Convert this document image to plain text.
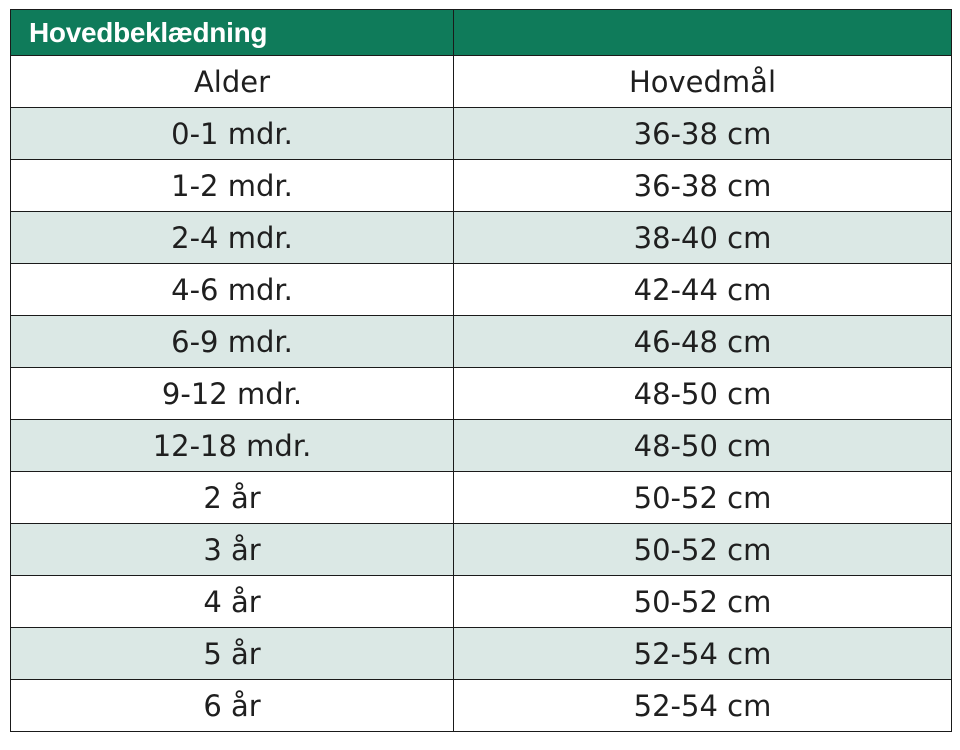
Hovedbeklædning	
Alder	Hovedmål
0-1 mdr.	36-38 cm
1-2 mdr.	36-38 cm
2-4 mdr.	38-40 cm
4-6 mdr.	42-44 cm
6-9 mdr.	46-48 cm
9-12 mdr.	48-50 cm
12-18 mdr.	48-50 cm
2 år	50-52 cm
3 år	50-52 cm
4 år	50-52 cm
5 år	52-54 cm
6 år	52-54 cm
